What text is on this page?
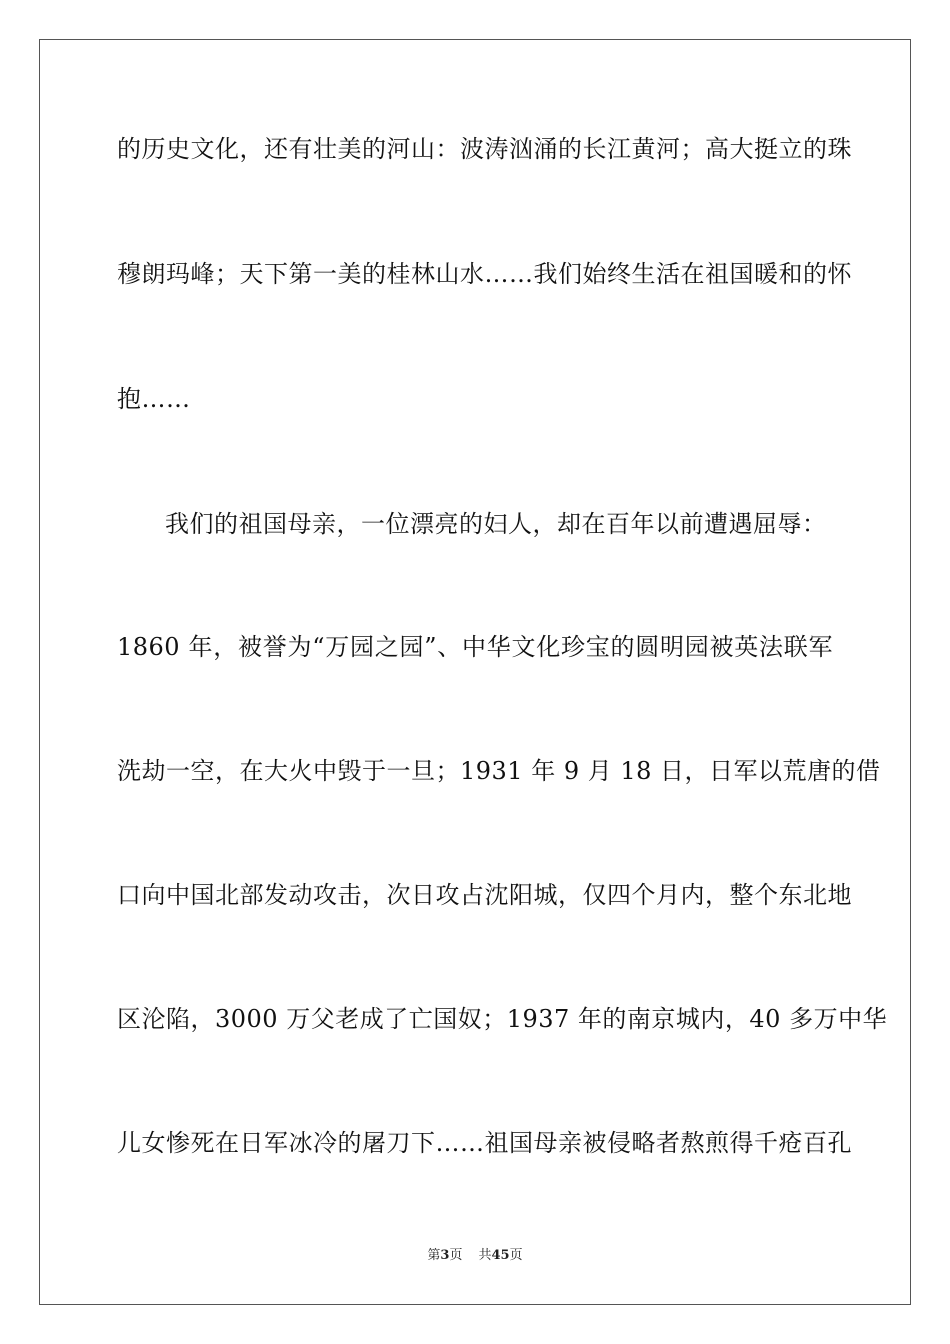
的历史文化，还有壮美的河山：波涛汹涌的长江黄河；高大挺立的珠
穆朗玛峰；天下第一美的桂林山水……我们始终生活在祖国暖和的怀
抱……
我们的祖国母亲，一位漂亮的妇人，却在百年以前遭遇屈辱：
1860 年，被誉为“万园之园”、中华文化珍宝的圆明园被英法联军
洗劫一空，在大火中毁于一旦；1931 年 9 月 18 日，日军以荒唐的借
口向中国北部发动攻击，次日攻占沈阳城，仅四个月内，整个东北地
区沦陷，3000 万父老成了亡国奴；1937 年的南京城内，40 多万中华
儿女惨死在日军冰冷的屠刀下……祖国母亲被侵略者熬煎得千疮百孔
第3页 共45页
